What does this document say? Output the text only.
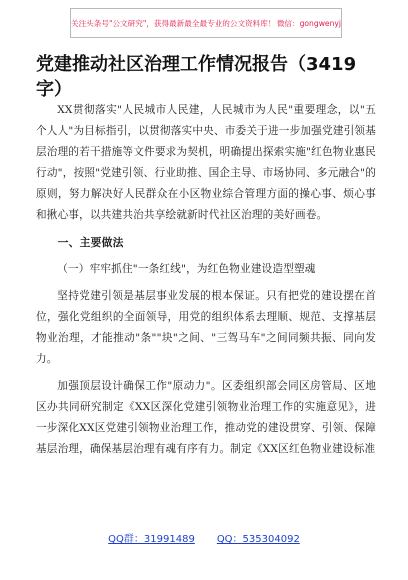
关注头条号"公文研究"，获得最新最全最专业的公文资料库！ 微信：gongwenyj
党建推动社区治理工作情况报告（3419字）

XX贯彻落实"人民城市人民建，人民城市为人民"重要理念，以"五个人人"为目标指引，以贯彻落实中央、市委关于进一步加强党建引领基层治理的若干措施等文件要求为契机，明确提出探索实施"红色物业惠民行动"，按照"党建引领、行业助推、国企主导、市场协同、多元融合"的原则，努力解决好人民群众在小区物业综合管理方面的操心事、烦心事和揪心事，以共建共治共享绘就新时代社区治理的美好画卷。

一、主要做法
（一）牢牢抓住"一条红线"，为红色物业建设造型塑魂

坚持党建引领是基层事业发展的根本保证。只有把党的建设摆在首位，强化党组织的全面领导，用党的组织体系去理顺、规范、支撑基层物业治理，才能推动"条""块"之间、"三驾马车"之间同频共振、同向发力。

加强顶层设计确保工作"原动力"。区委组织部会同区房管局、区地区办共同研究制定《XX区深化党建引领物业治理工作的实施意见》，进一步深化XX区党建引领物业治理工作，推动党的建设贯穿、引领、保障基层治理，确保基层治理有魂有序有力。制定《XX区红色物业建设标准

QQ群：31991489 QQ：535304092
